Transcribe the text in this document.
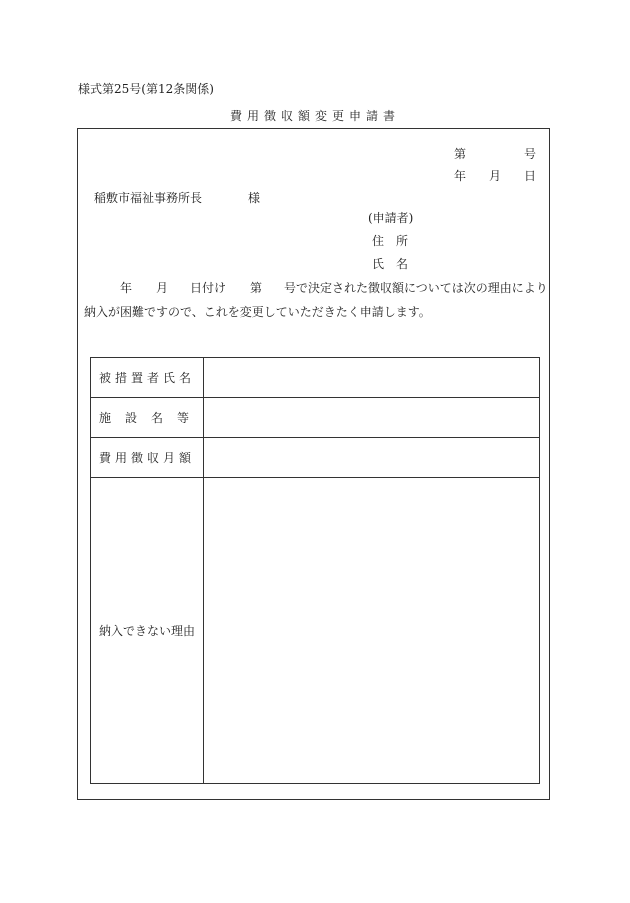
様式第25号(第12条関係)
費用徴収額変更申請書
第	号
年 月 日
稲敷市福祉事務所長	様
(申請者)
住　所
氏　名
年 月 日付け 第 号で決定された徴収額については次の理由により
納入が困難ですので、これを変更していただきたく申請します。
被措置者氏名	
施設名等	
費用徴収月額	
納入できない理由	
